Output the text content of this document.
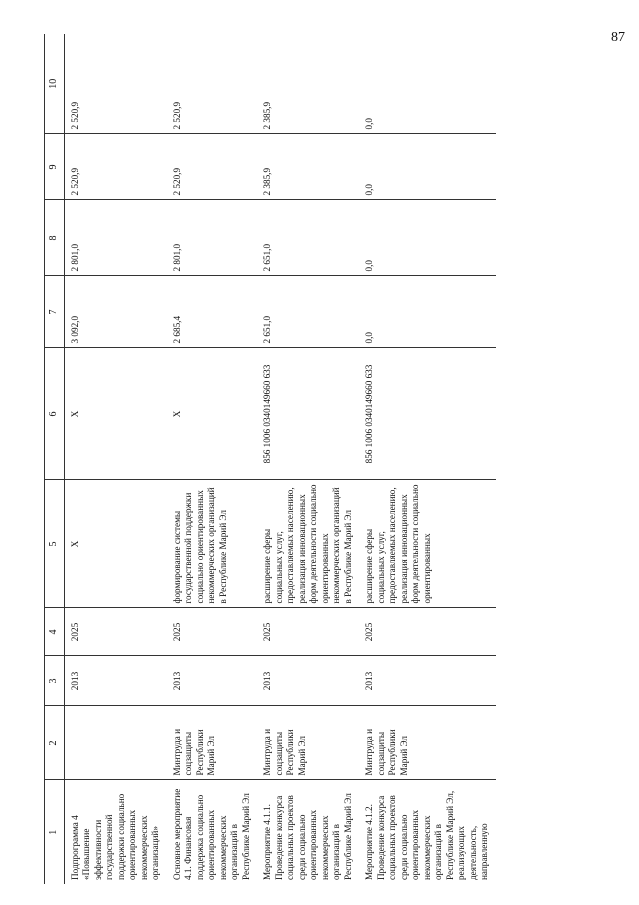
87
1	2	3	4	5	6	7	8	9	10
Подпрограмма 4 «Повышение эффективности государственной поддержки социально ориентированных некоммерческих организаций»		2013	2025	Х	Х	3 092,0	2 801,0	2 520,9	2 520,9
Основное мероприятие 4.1. Финансовая поддержка социально ориентированных некоммерческих организаций в Республике Марий Эл	Минтруда и соцзащиты Республики Марий Эл	2013	2025	формирование системы государственной поддержки социально ориентированных некоммерческих организаций в Республике Марий Эл	Х	2 685,4	2 801,0	2 520,9	2 520,9
Мероприятие 4.1.1. Проведение конкурса социальных проектов среди социально ориентированных некоммерческих организаций в Республике Марий Эл	Минтруда и соцзащиты Республики Марий Эл	2013	2025	расширение сферы социальных услуг, предоставляемых населению, реализация инновационных форм деятельности социально ориентированных некоммерческих организаций в Республике Марий Эл	856 1006 0340149660 633	2 651,0	2 651,0	2 385,9	2 385,9
Мероприятие 4.1.2. Проведение конкурса социальных проектов среди социально ориентированных некоммерческих организаций в Республике Марий Эл, реализующих деятельность, направленную	Минтруда и соцзащиты Республики Марий Эл	2013	2025	расширение сферы социальных услуг, предоставляемых населению, реализация инновационных форм деятельности социально ориентированных	856 1006 0340149660 633	0,0	0,0	0,0	0,0
